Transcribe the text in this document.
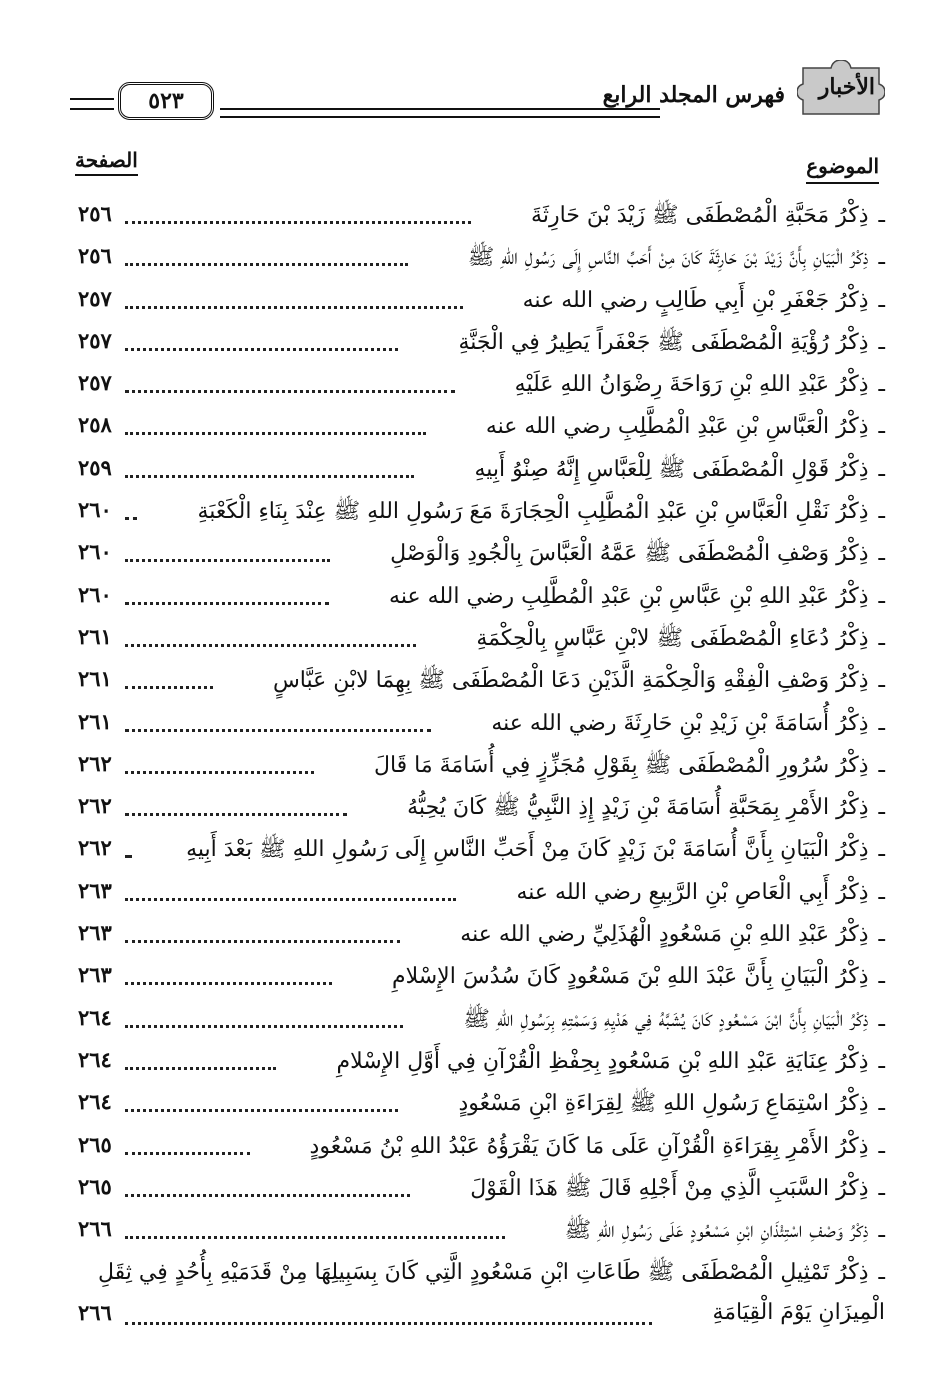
الأخبار
فهرس المجلد الرابع
٥٢٣
الموضوع
الصفحة
ـ
ذِكْرُ مَحَبَّةِ الْمُصْطَفَى ﷺ زَيْدَ بْنَ حَارِثَةَ
٢٥٦
ـ
ذِكْرُ الْبَيَانِ بِأَنَّ زَيْدَ بْنَ حَارِثَةَ كَانَ مِنْ أَحَبِّ النَّاسِ إِلَى رَسُولِ اللهِ ﷺ
٢٥٦
ـ
ذِكْرُ جَعْفَرِ بْنِ أَبِي طَالِبٍ رضي الله عنه
٢٥٧
ـ
ذِكْرُ رُؤْيَةِ الْمُصْطَفَى ﷺ جَعْفَراً يَطِيرُ فِي الْجَنَّةِ
٢٥٧
ـ
ذِكْرُ عَبْدِ اللهِ بْنِ رَوَاحَةَ رِضْوَانُ اللهِ عَلَيْهِ
٢٥٧
ـ
ذِكْرُ الْعَبَّاسِ بْنِ عَبْدِ الْمُطَّلِبِ رضي الله عنه
٢٥٨
ـ
ذِكْرُ قَوْلِ الْمُصْطَفَى ﷺ لِلْعَبَّاسِ إِنَّهُ صِنْوُ أَبِيهِ
٢٥٩
ـ
ذِكْرُ نَقْلِ الْعَبَّاسِ بْنِ عَبْدِ الْمُطَّلِبِ الْحِجَارَةَ مَعَ رَسُولِ اللهِ ﷺ عِنْدَ بِنَاءِ الْكَعْبَةِ
٢٦٠
ـ
ذِكْرُ وَصْفِ الْمُصْطَفَى ﷺ عَمَّهُ الْعَبَّاسَ بِالْجُودِ وَالْوَصْلِ
٢٦٠
ـ
ذِكْرُ عَبْدِ اللهِ بْنِ عَبَّاسِ بْنِ عَبْدِ الْمُطَّلِبِ رضي الله عنه
٢٦٠
ـ
ذِكْرُ دُعَاءِ الْمُصْطَفَى ﷺ لابْنِ عَبَّاسٍ بِالْحِكْمَةِ
٢٦١
ـ
ذِكْرُ وَصْفِ الْفِقْهِ وَالْحِكْمَةِ الَّذَيْنِ دَعَا الْمُصْطَفَى ﷺ بِهِمَا لابْنِ عَبَّاسٍ
٢٦١
ـ
ذِكْرُ أُسَامَةَ بْنِ زَيْدِ بْنِ حَارِثَةَ رضي الله عنه
٢٦١
ـ
ذِكْرُ سُرُورِ الْمُصْطَفَى ﷺ بِقَوْلِ مُجَزِّزٍ فِي أُسَامَةَ مَا قَالَ
٢٦٢
ـ
ذِكْرُ الأَمْرِ بِمَحَبَّةِ أُسَامَةَ بْنِ زَيْدٍ إِذِ النَّبِيُّ ﷺ كَانَ يُحِبُّهُ
٢٦٢
ـ
ذِكْرُ الْبَيَانِ بِأَنَّ أُسَامَةَ بْنَ زَيْدٍ كَانَ مِنْ أَحَبِّ النَّاسِ إِلَى رَسُولِ اللهِ ﷺ بَعْدَ أَبِيهِ
٢٦٢
ـ
ذِكْرُ أَبِي الْعَاصِ بْنِ الرَّبِيعِ رضي الله عنه
٢٦٣
ـ
ذِكْرُ عَبْدِ اللهِ بْنِ مَسْعُودٍ الْهُذَلِيِّ رضي الله عنه
٢٦٣
ـ
ذِكْرُ الْبَيَانِ بِأَنَّ عَبْدَ اللهِ بْنَ مَسْعُودٍ كَانَ سُدُسَ الإِسْلامِ
٢٦٣
ـ
ذِكْرُ الْبَيَانِ بِأَنَّ ابْنَ مَسْعُودٍ كَانَ يُشَبَّهُ فِي هَدْيِهِ وَسَمْتِهِ بِرَسُولِ اللهِ ﷺ
٢٦٤
ـ
ذِكْرُ عِنَايَةِ عَبْدِ اللهِ بْنِ مَسْعُودٍ بِحِفْظِ الْقُرْآنِ فِي أَوَّلِ الإِسْلامِ
٢٦٤
ـ
ذِكْرُ اسْتِمَاعِ رَسُولِ اللهِ ﷺ لِقِرَاءَةِ ابْنِ مَسْعُودٍ
٢٦٤
ـ
ذِكْرُ الأَمْرِ بِقِرَاءَةِ الْقُرْآنِ عَلَى مَا كَانَ يَقْرَؤُهُ عَبْدُ اللهِ بْنُ مَسْعُودٍ
٢٦٥
ـ
ذِكْرُ السَّبَبِ الَّذِي مِنْ أَجْلِهِ قَالَ ﷺ هَذَا الْقَوْلَ
٢٦٥
ـ
ذِكْرُ وَصْفِ اسْتِئْذَانِ ابْنِ مَسْعُودٍ عَلَى رَسُولِ اللهِ ﷺ
٢٦٦
ـ
ذِكْرُ تَمْثِيلِ الْمُصْطَفَى ﷺ طَاعَاتِ ابْنِ مَسْعُودٍ الَّتِي كَانَ بِسَبِيلِهَا مِنْ قَدَمَيْهِ بِأُحُدٍ فِي ثِقَلِ
الْمِيزَانِ يَوْمَ الْقِيَامَةِ
٢٦٦
